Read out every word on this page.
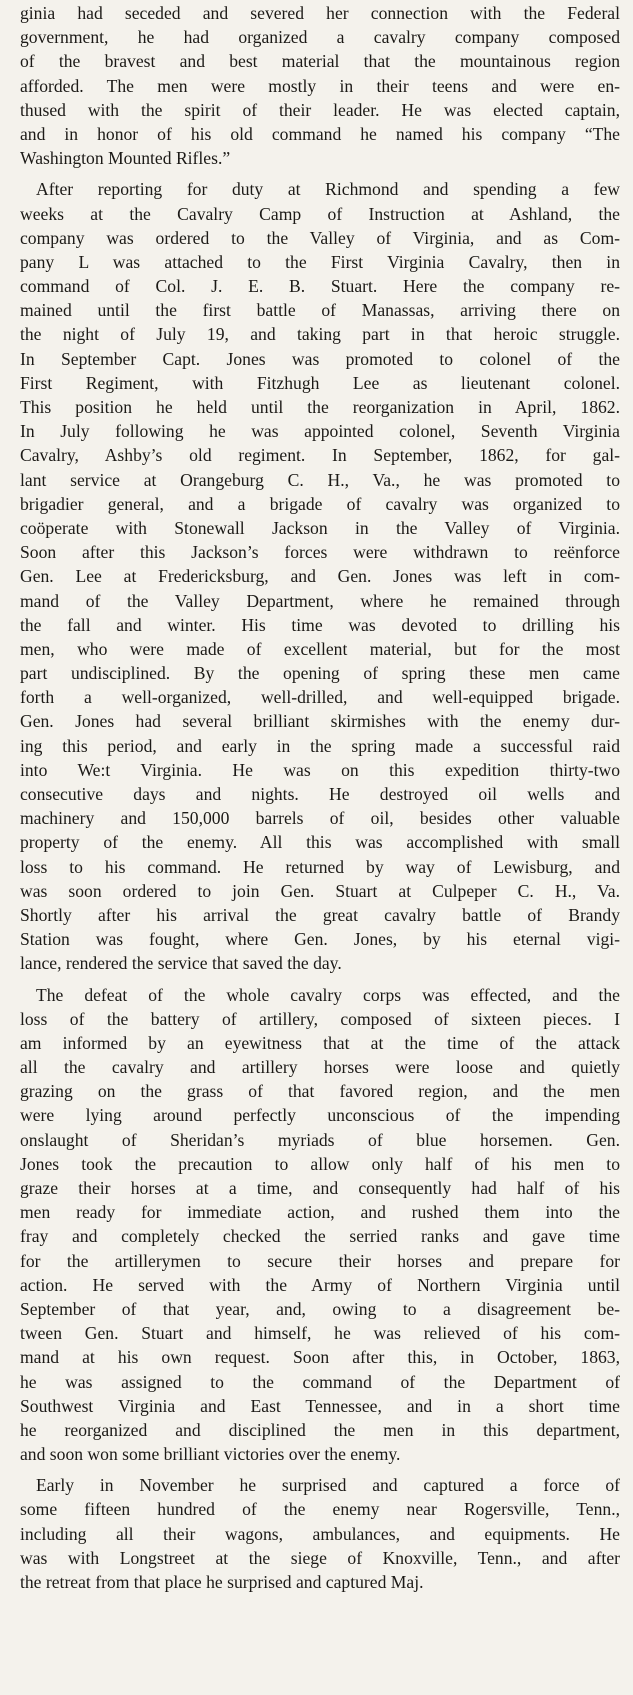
ginia had seceded and severed her connection with the Federal
government, he had organized a cavalry company composed
of the bravest and best material that the mountainous region
afforded. The men were mostly in their teens and were en-
thused with the spirit of their leader. He was elected captain,
and in honor of his old command he named his company “The
Washington Mounted Rifles.”
After reporting for duty at Richmond and spending a few
weeks at the Cavalry Camp of Instruction at Ashland, the
company was ordered to the Valley of Virginia, and as Com-
pany L was attached to the First Virginia Cavalry, then in
command of Col. J. E. B. Stuart. Here the company re-
mained until the first battle of Manassas, arriving there on
the night of July 19, and taking part in that heroic struggle.
In September Capt. Jones was promoted to colonel of the
First Regiment, with Fitzhugh Lee as lieutenant colonel.
This position he held until the reorganization in April, 1862.
In July following he was appointed colonel, Seventh Virginia
Cavalry, Ashby’s old regiment. In September, 1862, for gal-
lant service at Orangeburg C. H., Va., he was promoted to
brigadier general, and a brigade of cavalry was organized to
coöperate with Stonewall Jackson in the Valley of Virginia.
Soon after this Jackson’s forces were withdrawn to reënforce
Gen. Lee at Fredericksburg, and Gen. Jones was left in com-
mand of the Valley Department, where he remained through
the fall and winter. His time was devoted to drilling his
men, who were made of excellent material, but for the most
part undisciplined. By the opening of spring these men came
forth a well-organized, well-drilled, and well-equipped brigade.
Gen. Jones had several brilliant skirmishes with the enemy dur-
ing this period, and early in the spring made a successful raid
into We:t Virginia. He was on this expedition thirty-two
consecutive days and nights. He destroyed oil wells and
machinery and 150,000 barrels of oil, besides other valuable
property of the enemy. All this was accomplished with small
loss to his command. He returned by way of Lewisburg, and
was soon ordered to join Gen. Stuart at Culpeper C. H., Va.
Shortly after his arrival the great cavalry battle of Brandy
Station was fought, where Gen. Jones, by his eternal vigi-
lance, rendered the service that saved the day.
The defeat of the whole cavalry corps was effected, and the
loss of the battery of artillery, composed of sixteen pieces. I
am informed by an eyewitness that at the time of the attack
all the cavalry and artillery horses were loose and quietly
grazing on the grass of that favored region, and the men
were lying around perfectly unconscious of the impending
onslaught of Sheridan’s myriads of blue horsemen. Gen.
Jones took the precaution to allow only half of his men to
graze their horses at a time, and consequently had half of his
men ready for immediate action, and rushed them into the
fray and completely checked the serried ranks and gave time
for the artillerymen to secure their horses and prepare for
action. He served with the Army of Northern Virginia until
September of that year, and, owing to a disagreement be-
tween Gen. Stuart and himself, he was relieved of his com-
mand at his own request. Soon after this, in October, 1863,
he was assigned to the command of the Department of
Southwest Virginia and East Tennessee, and in a short time
he reorganized and disciplined the men in this department,
and soon won some brilliant victories over the enemy.
Early in November he surprised and captured a force of
some fifteen hundred of the enemy near Rogersville, Tenn.,
including all their wagons, ambulances, and equipments. He
was with Longstreet at the siege of Knoxville, Tenn., and after
the retreat from that place he surprised and captured Maj.
